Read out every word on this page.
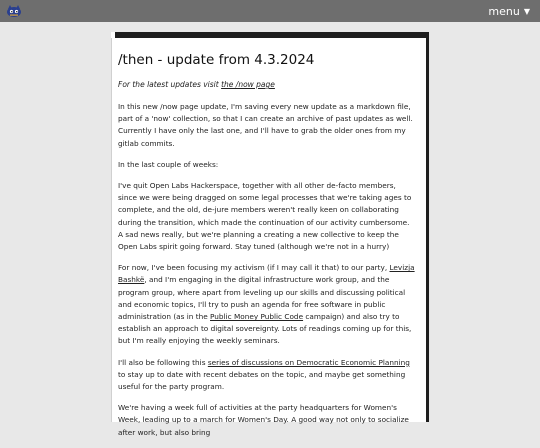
menu ▼
/then - update from 4.3.2024

For the latest updates visit the /now page

In this new /now page update, I'm saving every new update as a markdown file, part of a 'now' collection, so that I can create an archive of past updates as well. Currently I have only the last one, and I'll have to grab the older ones from my gitlab commits.

In the last couple of weeks:

I've quit Open Labs Hackerspace, together with all other de-facto members, since we were being dragged on some legal processes that we're taking ages to complete, and the old, de-jure members weren't really keen on collaborating during the transition, which made the continuation of our activity cumbersome. A sad news really, but we're planning a creating a new collective to keep the Open Labs spirit going forward. Stay tuned (although we're not in a hurry)

For now, I've been focusing my activism (if I may call it that) to our party, Levizja Bashkë, and I'm engaging in the digital infrastructure work group, and the program group, where apart from leveling up our skills and discussing political and economic topics, I'll try to push an agenda for free software in public administration (as in the Public Money Public Code campaign) and also try to establish an approach to digital sovereignty. Lots of readings coming up for this, but I'm really enjoying the weekly seminars.

I'll also be following this series of discussions on Democratic Economic Planning to stay up to date with recent debates on the topic, and maybe get something useful for the party program.

We're having a week full of activities at the party headquarters for Women's Week, leading up to a march for Women's Day. A good way not only to socialize after work, but also bring
